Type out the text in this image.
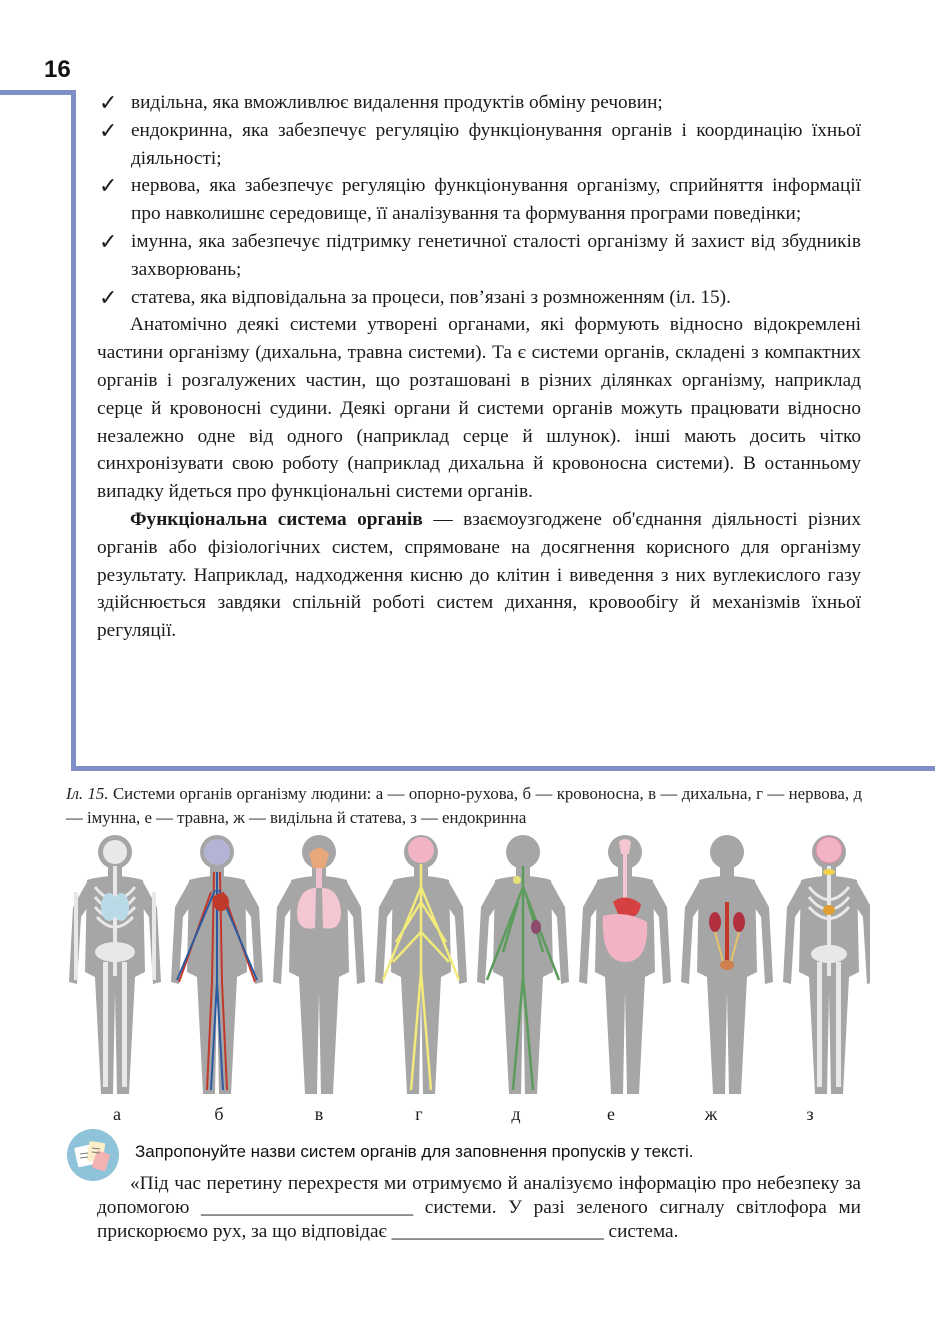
16
✓ видільна, яка вможливлює видалення продуктів обміну речовин;
✓ ендокринна, яка забезпечує регуляцію функціонування органів і координацію їхньої діяльності;
✓ нервова, яка забезпечує регуляцію функціонування організму, сприйняття інформації про навколишнє середовище, її аналізування та формування програми поведінки;
✓ імунна, яка забезпечує підтримку генетичної сталості організму й захист від збудників захворювань;
✓ статева, яка відповідальна за процеси, пов’язані з розмноженням (іл. 15).

Анатомічно деякі системи утворені органами, які формують відносно відокремлені частини організму (дихальна, травна системи). Та є системи органів, складені з компактних органів і розгалужених частин, що розташовані в різних ділянках організму, наприклад серце й кровоносні судини. Деякі органи й системи органів можуть працювати відносно незалежно одне від одного (наприклад серце й шлунок). інші мають досить чітко синхронізувати свою роботу (наприклад дихальна й кровоносна системи). В останньому випадку йдеться про функціональні системи органів.

Функціональна система органів — взаємоузгоджене об'єднання діяльності різних органів або фізіологічних систем, спрямоване на досягнення корисного для організму результату. Наприклад, надходження кисню до клітин і виведення з них вуглекислого газу здійснюється завдяки спільній роботі систем дихання, кровообігу й механізмів їхньої регуляції.

Іл. 15. Системи органів організму людини: а — опорно-рухова, б — кровоносна, в — дихальна, г — нервова, д — імунна, е — травна, ж — видільна й статева, з — ендокринна
а	б	в	г	д	е	ж	з
Запропонуйте назви систем органів для заповнення пропусків у тексті.

«Під час перетину перехрестя ми отримуємо й аналізуємо інформацію про небезпеку за допомогою ______________________ системи. У разі зеленого сигналу світлофора ми прискорюємо рух, за що відповідає ______________________ система.
